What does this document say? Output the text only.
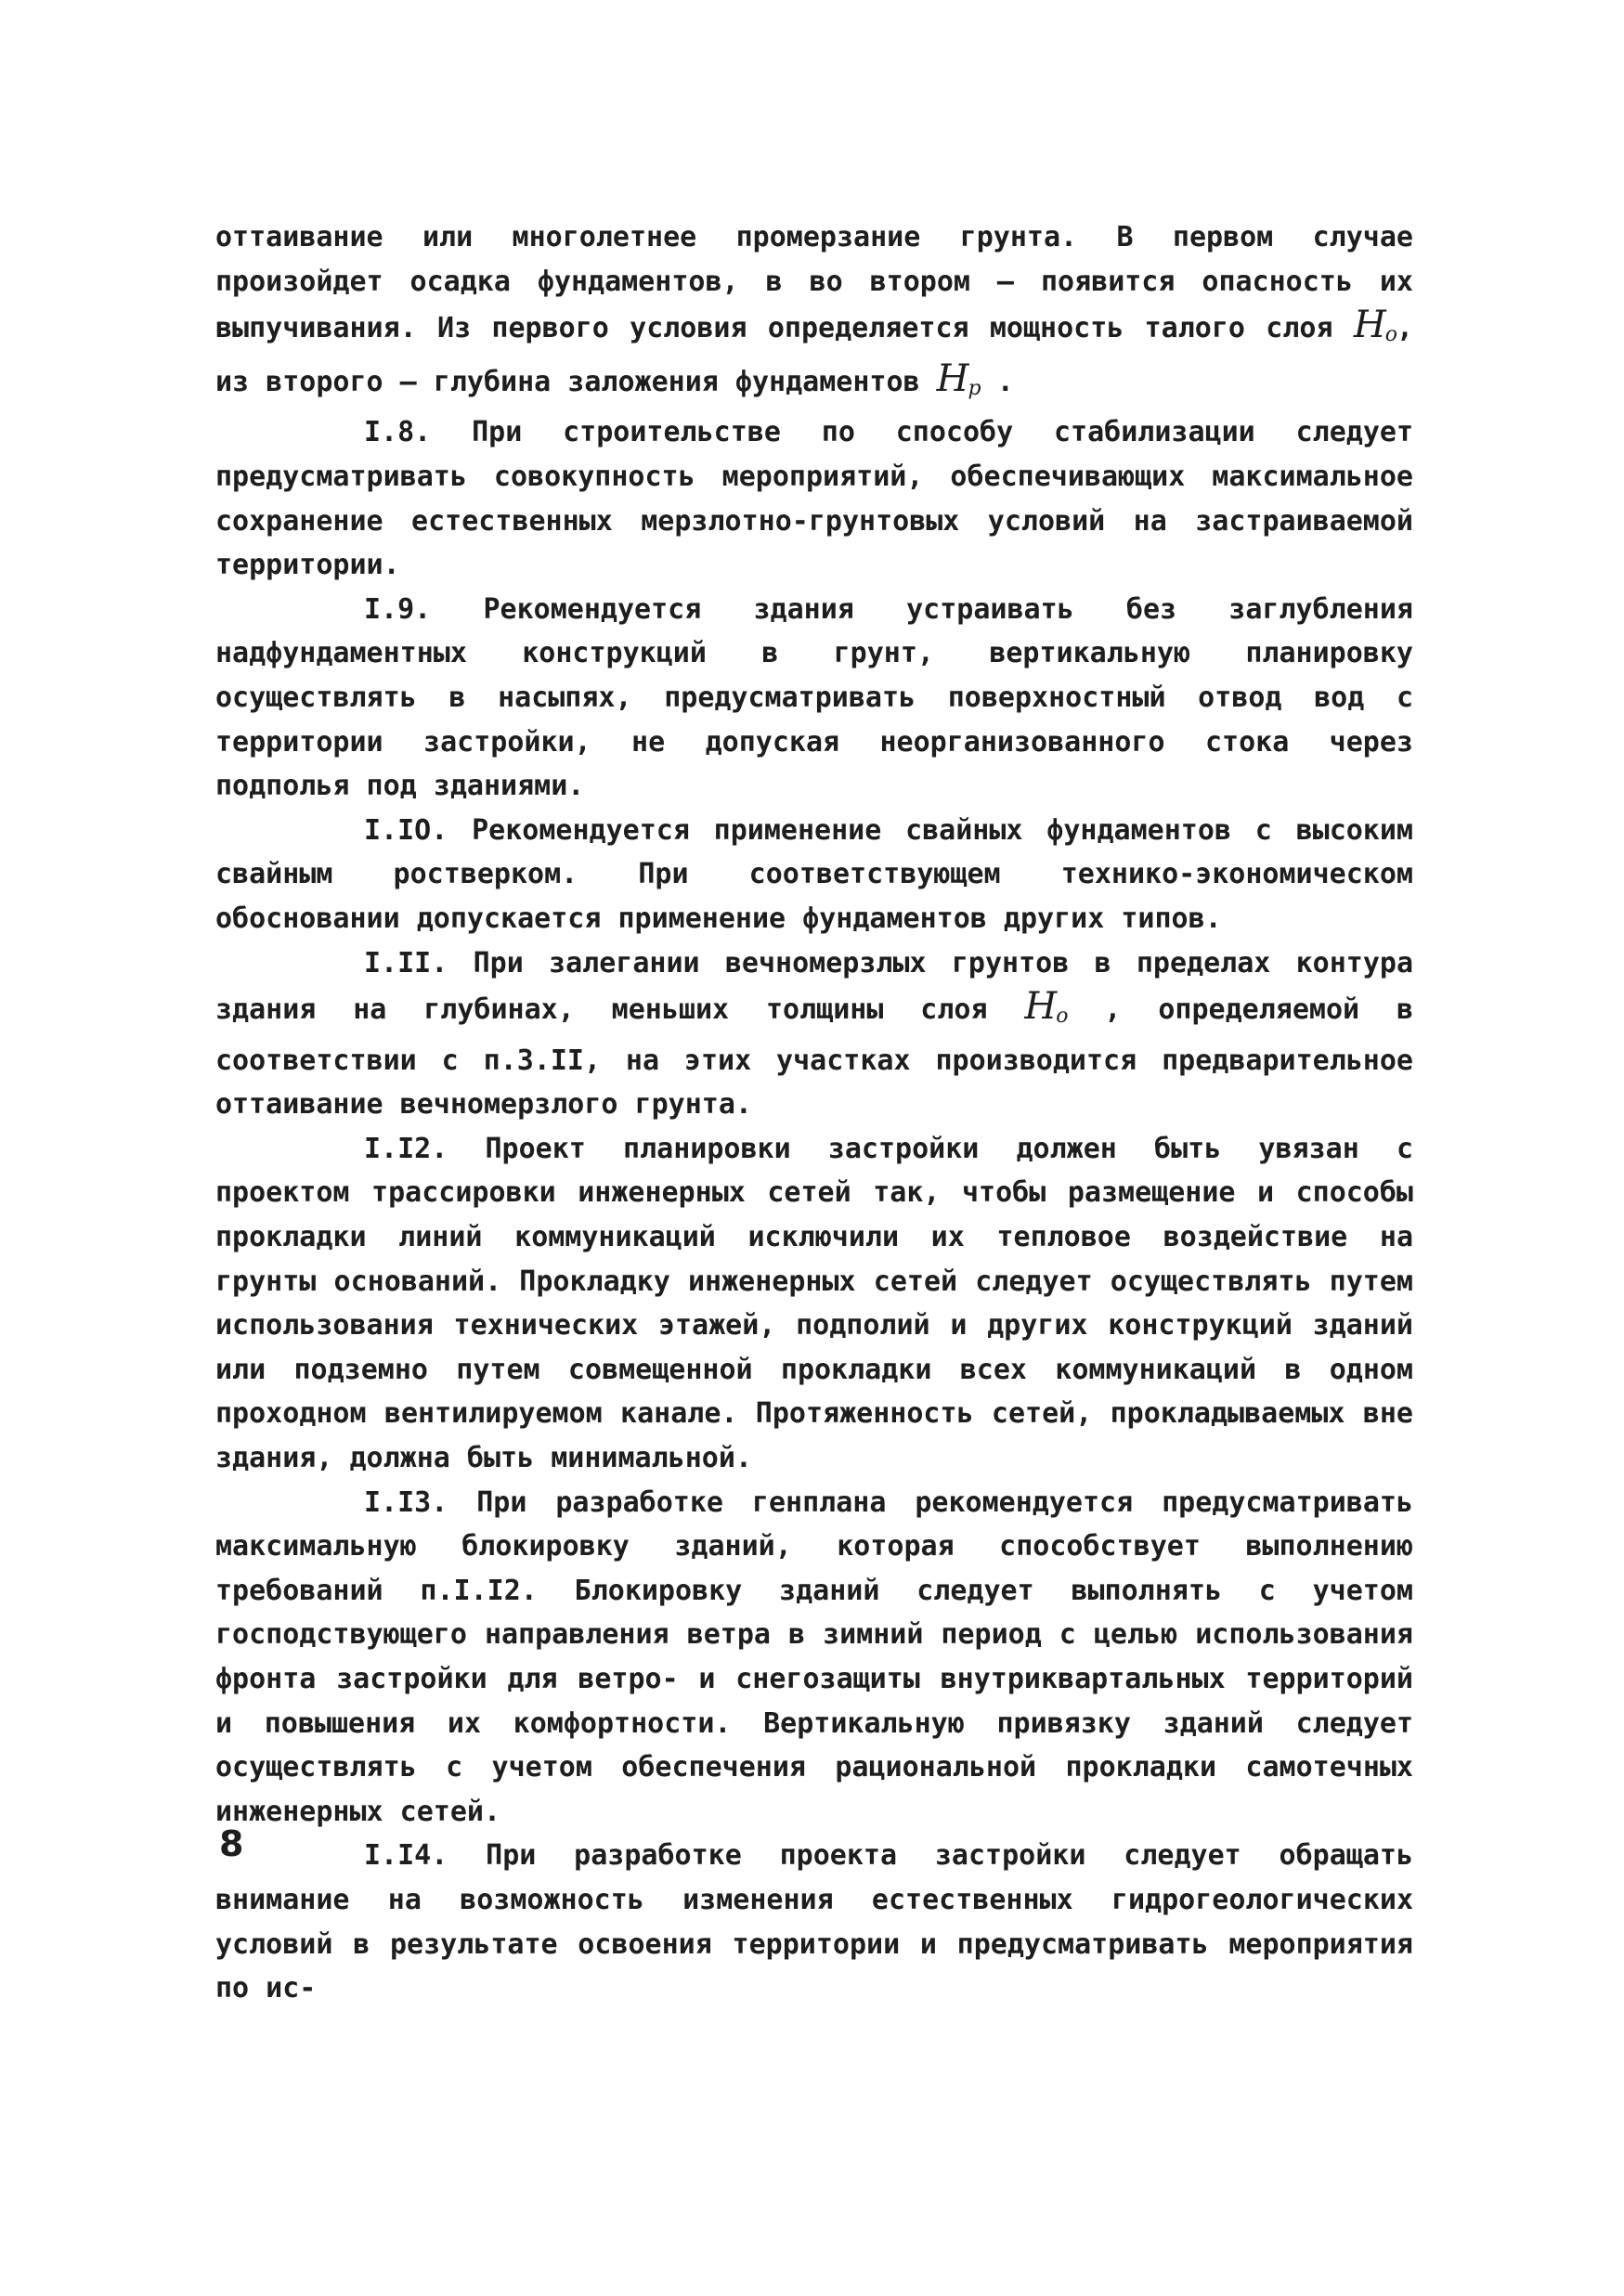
оттаивание или многолетнее промерзание грунта. В первом случае произойдет осадка фундаментов, в во втором – появится опасность их выпучивания. Из первого условия определяется мощность талого слоя $H_o$, из второго – глубина заложения фундаментов $H_p$ .

I.8. При строительстве по способу стабилизации следует предусматривать совокупность мероприятий, обеспечивающих максимальное сохранение естественных мерзлотно-грунтовых условий на застраиваемой территории.

I.9. Рекомендуется здания устраивать без заглубления надфундаментных конструкций в грунт, вертикальную планировку осуществлять в насыпях, предусматривать поверхностный отвод вод с территории застройки, не допуская неорганизованного стока через подполья под зданиями.

I.IO. Рекомендуется применение свайных фундаментов с высоким свайным ростверком. При соответствующем технико-экономическом обосновании допускается применение фундаментов других типов.

I.II. При залегании вечномерзлых грунтов в пределах контура здания на глубинах, меньших толщины слоя $H_o$ , определяемой в соответствии с п.3.II, на этих участках производится предварительное оттаивание вечномерзлого грунта.

I.I2. Проект планировки застройки должен быть увязан с проектом трассировки инженерных сетей так, чтобы размещение и способы прокладки линий коммуникаций исключили их тепловое воздействие на грунты оснований. Прокладку инженерных сетей следует осуществлять путем использования технических этажей, подполий и других конструкций зданий или подземно путем совмещенной прокладки всех коммуникаций в одном проходном вентилируемом канале. Протяженность сетей, прокладываемых вне здания, должна быть минимальной.

I.I3. При разработке генплана рекомендуется предусматривать максимальную блокировку зданий, которая способствует выполнению требований п.I.I2. Блокировку зданий следует выполнять с учетом господствующего направления ветра в зимний период с целью использования фронта застройки для ветро- и снегозащиты внутриквартальных территорий и повышения их комфортности. Вертикальную привязку зданий следует осуществлять с учетом обеспечения рациональной прокладки самотечных инженерных сетей.

I.I4. При разработке проекта застройки следует обращать внимание на возможность изменения естественных гидрогеологических условий в результате освоения территории и предусматривать мероприятия по ис-

8
